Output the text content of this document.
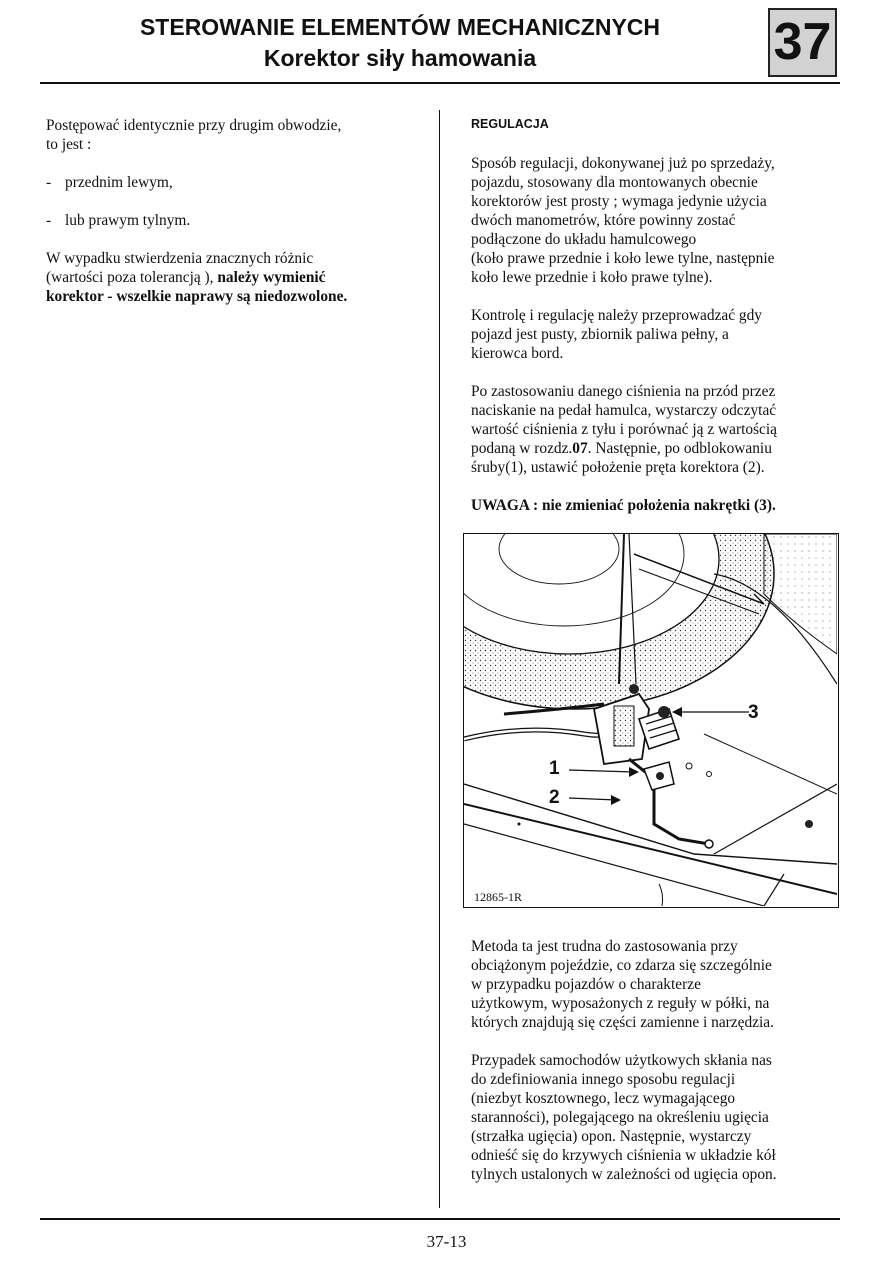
STEROWANIE ELEMENTÓW MECHANICZNYCH
Korektor siły hamowania	37

Postępować identycznie przy drugim obwodzie,

to jest :

- przednim lewym,
- lub prawym tylnym.

W wypadku stwierdzenia znacznych różnic

(wartości poza tolerancją ), należy wymienić

korektor - wszelkie naprawy są niedozwolone.

REGULACJA

Sposób regulacji, dokonywanej już po sprzedaży,

pojazdu, stosowany dla montowanych obecnie

korektorów jest prosty ; wymaga jedynie użycia

dwóch manometrów, które powinny zostać

podłączone do układu hamulcowego

(koło prawe przednie i koło lewe tylne, następnie

koło lewe przednie i koło prawe tylne).

Kontrolę i regulację należy przeprowadzać gdy

pojazd jest pusty, zbiornik paliwa pełny, a

kierowca bord.

Po zastosowaniu danego ciśnienia na przód przez

naciskanie na pedał hamulca, wystarczy odczytać

wartość ciśnienia z tyłu i porównać ją z wartością

podaną w rozdz.07. Następnie, po odblokowaniu

śruby(1), ustawić położenie pręta korektora (2).

UWAGA : nie zmieniać położenia nakrętki (3).

3
1
2
12865-1R

Metoda ta jest trudna do zastosowania przy

obciążonym pojeździe, co zdarza się szczególnie

w przypadku pojazdów o charakterze

użytkowym, wyposażonych z reguły w półki, na

których znajdują się części zamienne i narzędzia.

Przypadek samochodów użytkowych skłania nas

do zdefiniowania innego sposobu regulacji

(niezbyt kosztownego, lecz wymagającego

staranności), polegającego na określeniu ugięcia

(strzałka ugięcia) opon. Następnie, wystarczy

odnieść się do krzywych ciśnienia w układzie kół

tylnych ustalonych w zależności od ugięcia opon.

37-13
